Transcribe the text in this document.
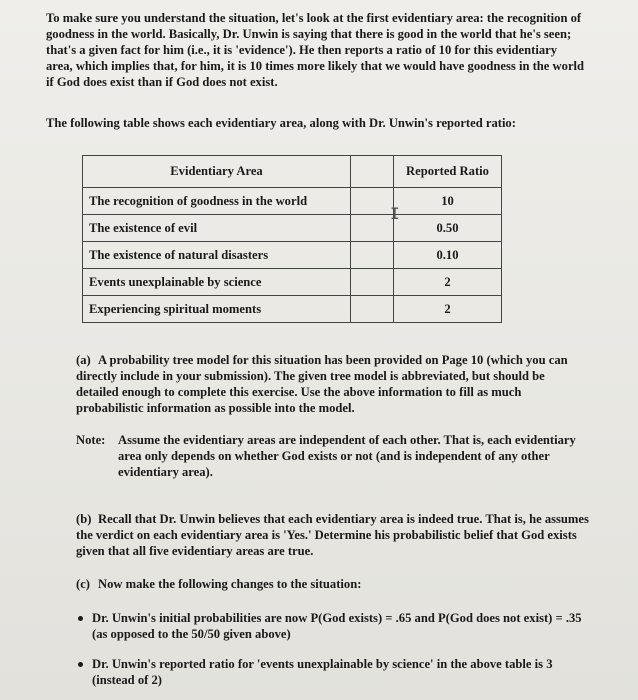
To make sure you understand the situation, let's look at the first evidentiary area: the recognition of goodness in the world. Basically, Dr. Unwin is saying that there is good in the world that he's seen; that's a given fact for him (i.e., it is 'evidence'). He then reports a ratio of 10 for this evidentiary area, which implies that, for him, it is 10 times more likely that we would have goodness in the world if God does exist than if God does not exist.

The following table shows each evidentiary area, along with Dr. Unwin's reported ratio:

Evidentiary Area		Reported Ratio
The recognition of goodness in the world		10
The existence of evil		0.50
The existence of natural disasters		0.10
Events unexplainable by science		2
Experiencing spiritual moments		2
I

(a) A probability tree model for this situation has been provided on Page 10 (which you can directly include in your submission). The given tree model is abbreviated, but should be detailed enough to complete this exercise. Use the above information to fill as much probabilistic information as possible into the model.

Note: Assume the evidentiary areas are independent of each other. That is, each evidentiary area only depends on whether God exists or not (and is independent of any other evidentiary area).

(b) Recall that Dr. Unwin believes that each evidentiary area is indeed true. That is, he assumes the verdict on each evidentiary area is 'Yes.' Determine his probabilistic belief that God exists given that all five evidentiary areas are true.

(c) Now make the following changes to the situation:

Dr. Unwin's initial probabilities are now P(God exists) = .65 and P(God does not exist) = .35 (as opposed to the 50/50 given above)

Dr. Unwin's reported ratio for 'events unexplainable by science' in the above table is 3 (instead of 2)
